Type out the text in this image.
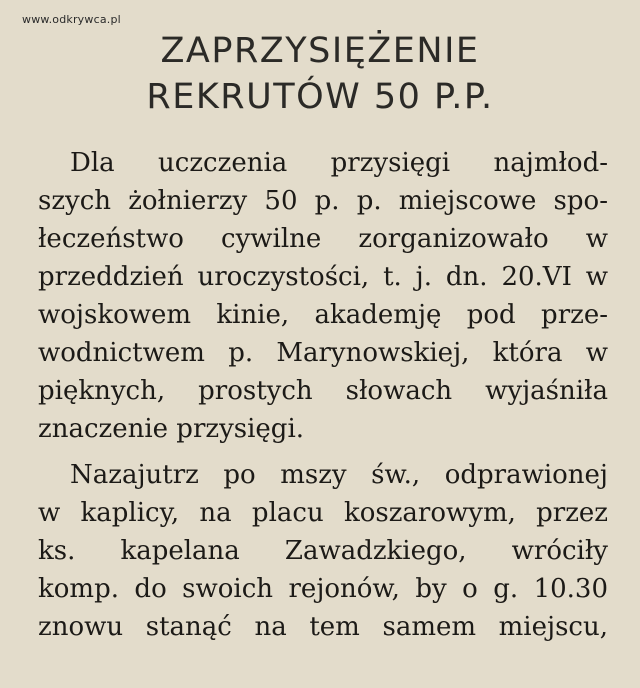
www.odkrywca.pl
ZAPRZYSIĘŻENIE
REKRUTÓW 50 P.P.
Dla uczczenia przysięgi najmłod-
szych żołnierzy 50 p. p. miejscowe spo-
łeczeństwo cywilne zorganizowało w
przeddzień uroczystości, t. j. dn. 20.VI w
wojskowem kinie, akademję pod prze-
wodnictwem p. Marynowskiej, która w
pięknych, prostych słowach wyjaśniła
znaczenie przysięgi.
Nazajutrz po mszy św., odprawionej
w kaplicy, na placu koszarowym, przez
ks. kapelana Zawadzkiego, wróciły
komp. do swoich rejonów, by o g. 10.30
znowu stanąć na tem samem miejscu,
